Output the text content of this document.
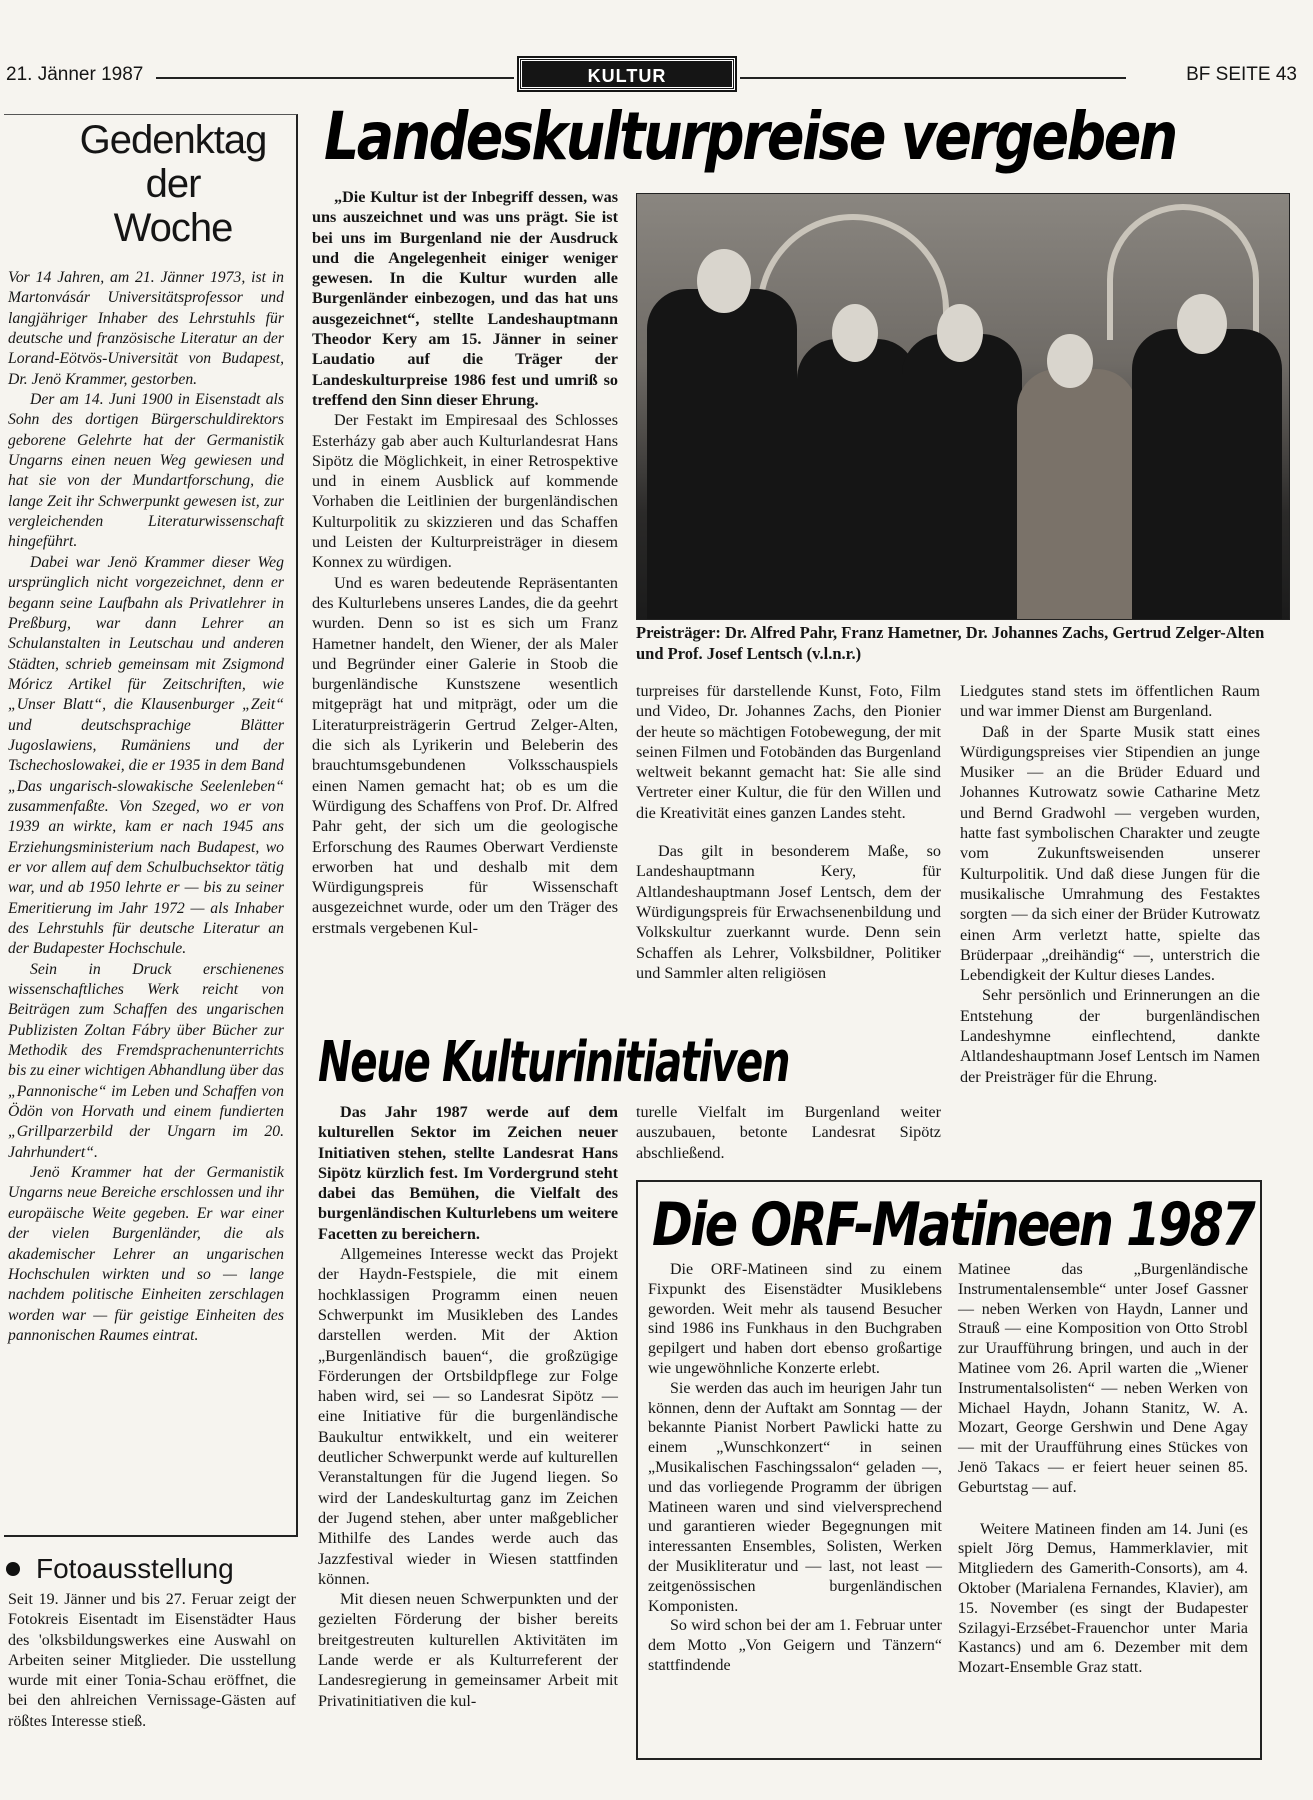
21. Jänner 1987	KULTUR	BF SEITE 43
Gedenktag
der
Woche

Vor 14 Jahren, am 21. Jänner 1973, ist in Martonvásár Universitätsprofessor und langjähriger Inhaber des Lehrstuhls für deutsche und französische Literatur an der Lorand-Eötvös-Universität von Budapest, Dr. Jenö Krammer, gestorben.

Der am 14. Juni 1900 in Eisenstadt als Sohn des dortigen Bürgerschuldirektors geborene Gelehrte hat der Germanistik Ungarns einen neuen Weg gewiesen und hat sie von der Mundartforschung, die lange Zeit ihr Schwerpunkt gewesen ist, zur vergleichenden Literaturwissenschaft hingeführt.

Dabei war Jenö Krammer dieser Weg ursprünglich nicht vorgezeichnet, denn er begann seine Laufbahn als Privatlehrer in Preßburg, war dann Lehrer an Schulanstalten in Leutschau und anderen Städten, schrieb gemeinsam mit Zsigmond Móricz Artikel für Zeitschriften, wie „Unser Blatt“, die Klausenburger „Zeit“ und deutschsprachige Blätter Jugoslawiens, Rumäniens und der Tschechoslowakei, die er 1935 in dem Band „Das ungarisch-slowakische Seelenleben“ zusammenfaßte. Von Szeged, wo er von 1939 an wirkte, kam er nach 1945 ans Erziehungsministerium nach Budapest, wo er vor allem auf dem Schulbuchsektor tätig war, und ab 1950 lehrte er — bis zu seiner Emeritierung im Jahr 1972 — als Inhaber des Lehrstuhls für deutsche Literatur an der Budapester Hochschule.

Sein in Druck erschienenes wissenschaftliches Werk reicht von Beiträgen zum Schaffen des ungarischen Publizisten Zoltan Fábry über Bücher zur Methodik des Fremdsprachenunterrichts bis zu einer wichtigen Abhandlung über das „Pannonische“ im Leben und Schaffen von Ödön von Horvath und einem fundierten „Grillparzerbild der Ungarn im 20. Jahrhundert“.

Jenö Krammer hat der Germanistik Ungarns neue Bereiche erschlossen und ihr europäische Weite gegeben. Er war einer der vielen Burgenländer, die als akademischer Lehrer an ungarischen Hochschulen wirkten und so — lange nachdem politische Einheiten zerschlagen worden war — für geistige Einheiten des pannonischen Raumes eintrat.

Fotoausstellung

Seit 19. Jänner und bis 27. Feruar zeigt der Fotokreis Eisentadt im Eisenstädter Haus des 'olksbildungswerkes eine Auswahl on Arbeiten seiner Mitglieder. Die usstellung wurde mit einer Tonia-Schau eröffnet, die bei den ahlreichen Vernissage-Gästen auf rößtes Interesse stieß.

Landeskulturpreise vergeben

„Die Kultur ist der Inbegriff dessen, was uns auszeichnet und was uns prägt. Sie ist bei uns im Burgenland nie der Ausdruck und die Angelegenheit einiger weniger gewesen. In die Kultur wurden alle Burgenländer einbezogen, und das hat uns ausgezeichnet“, stellte Landeshauptmann Theodor Kery am 15. Jänner in seiner Laudatio auf die Träger der Landeskulturpreise 1986 fest und umriß so treffend den Sinn dieser Ehrung.

Der Festakt im Empiresaal des Schlosses Esterházy gab aber auch Kulturlandesrat Hans Sipötz die Möglichkeit, in einer Retrospektive und in einem Ausblick auf kommende Vorhaben die Leitlinien der burgenländischen Kulturpolitik zu skizzieren und das Schaffen und Leisten der Kulturpreisträger in diesem Konnex zu würdigen.

Und es waren bedeutende Repräsentanten des Kulturlebens unseres Landes, die da geehrt wurden. Denn so ist es sich um Franz Hametner handelt, den Wiener, der als Maler und Begründer einer Galerie in Stoob die burgenländische Kunstszene wesentlich mitgeprägt hat und mitprägt, oder um die Literaturpreisträgerin Gertrud Zelger-Alten, die sich als Lyrikerin und Beleberin des brauchtumsgebundenen Volksschauspiels einen Namen gemacht hat; ob es um die Würdigung des Schaffens von Prof. Dr. Alfred Pahr geht, der sich um die geologische Erforschung des Raumes Oberwart Verdienste erworben hat und deshalb mit dem Würdigungspreis für Wissenschaft ausgezeichnet wurde, oder um den Träger des erstmals vergebenen Kul-

Preisträger: Dr. Alfred Pahr, Franz Hametner, Dr. Johannes Zachs, Gertrud Zelger-Alten und Prof. Josef Lentsch (v.l.n.r.)

turpreises für darstellende Kunst, Foto, Film und Video, Dr. Johannes Zachs, den Pionier der heute so mächtigen Fotobewegung, der mit seinen Filmen und Fotobänden das Burgenland weltweit bekannt gemacht hat: Sie alle sind Vertreter einer Kultur, die für den Willen und die Kreativität eines ganzen Landes steht.

Das gilt in besonderem Maße, so Landeshauptmann Kery, für Altlandeshauptmann Josef Lentsch, dem der Würdigungspreis für Erwachsenenbildung und Volkskultur zuerkannt wurde. Denn sein Schaffen als Lehrer, Volksbildner, Politiker und Sammler alten religiösen

Liedgutes stand stets im öffentlichen Raum und war immer Dienst am Burgenland.

Daß in der Sparte Musik statt eines Würdigungspreises vier Stipendien an junge Musiker — an die Brüder Eduard und Johannes Kutrowatz sowie Catharine Metz und Bernd Gradwohl — vergeben wurden, hatte fast symbolischen Charakter und zeugte vom Zukunftsweisenden unserer Kulturpolitik. Und daß diese Jungen für die musikalische Umrahmung des Festaktes sorgten — da sich einer der Brüder Kutrowatz einen Arm verletzt hatte, spielte das Brüderpaar „dreihändig“ —, unterstrich die Lebendigkeit der Kultur dieses Landes.

Sehr persönlich und Erinnerungen an die Entstehung der burgenländischen Landeshymne einflechtend, dankte Altlandeshauptmann Josef Lentsch im Namen der Preisträger für die Ehrung.

Neue Kulturinitiativen

Das Jahr 1987 werde auf dem kulturellen Sektor im Zeichen neuer Initiativen stehen, stellte Landesrat Hans Sipötz kürzlich fest. Im Vordergrund steht dabei das Bemühen, die Vielfalt des burgenländischen Kulturlebens um weitere Facetten zu bereichern.

Allgemeines Interesse weckt das Projekt der Haydn-Festspiele, die mit einem hochklassigen Programm einen neuen Schwerpunkt im Musikleben des Landes darstellen werden. Mit der Aktion „Burgenländisch bauen“, die großzügige Förderungen der Ortsbildpflege zur Folge haben wird, sei — so Landesrat Sipötz — eine Initiative für die burgenländische Baukultur entwikkelt, und ein weiterer deutlicher Schwerpunkt werde auf kulturellen Veranstaltungen für die Jugend liegen. So wird der Landeskulturtag ganz im Zeichen der Jugend stehen, aber unter maßgeblicher Mithilfe des Landes werde auch das Jazzfestival wieder in Wiesen stattfinden können.

Mit diesen neuen Schwerpunkten und der gezielten Förderung der bisher bereits breitgestreuten kulturellen Aktivitäten im Lande werde er als Kulturreferent der Landesregierung in gemeinsamer Arbeit mit Privatinitiativen die kul-

turelle Vielfalt im Burgenland weiter auszubauen, betonte Landesrat Sipötz abschließend.

Die ORF-Matineen 1987

Die ORF-Matineen sind zu einem Fixpunkt des Eisenstädter Musiklebens geworden. Weit mehr als tausend Besucher sind 1986 ins Funkhaus in den Buchgraben gepilgert und haben dort ebenso großartige wie ungewöhnliche Konzerte erlebt.

Sie werden das auch im heurigen Jahr tun können, denn der Auftakt am Sonntag — der bekannte Pianist Norbert Pawlicki hatte zu einem „Wunschkonzert“ in seinen „Musikalischen Faschingssalon“ geladen —, und das vorliegende Programm der übrigen Matineen waren und sind vielversprechend und garantieren wieder Begegnungen mit interessanten Ensembles, Solisten, Werken der Musikliteratur und — last, not least — zeitgenössischen burgenländischen Komponisten.

So wird schon bei der am 1. Februar unter dem Motto „Von Geigern und Tänzern“ stattfindende

Matinee das „Burgenländische Instrumentalensemble“ unter Josef Gassner — neben Werken von Haydn, Lanner und Strauß — eine Komposition von Otto Strobl zur Uraufführung bringen, und auch in der Matinee vom 26. April warten die „Wiener Instrumentalsolisten“ — neben Werken von Michael Haydn, Johann Stanitz, W. A. Mozart, George Gershwin und Dene Agay — mit der Uraufführung eines Stückes von Jenö Takacs — er feiert heuer seinen 85. Geburtstag — auf.

Weitere Matineen finden am 14. Juni (es spielt Jörg Demus, Hammerklavier, mit Mitgliedern des Gamerith-Consorts), am 4. Oktober (Marialena Fernandes, Klavier), am 15. November (es singt der Budapester Szilagyi-Erzsébet-Frauenchor unter Maria Kastancs) und am 6. Dezember mit dem Mozart-Ensemble Graz statt.
